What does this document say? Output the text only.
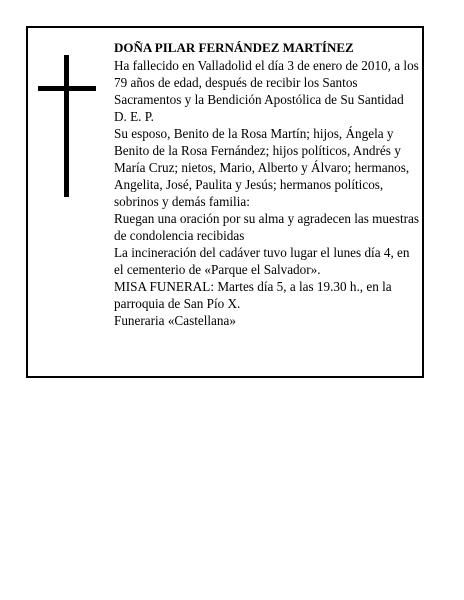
DOÑA PILAR FERNÁNDEZ MARTÍNEZ

Ha fallecido en Valladolid el día 3 de enero de 2010, a los 79 años de edad, después de recibir los Santos Sacramentos y la Bendición Apostólica de Su Santidad

D. E. P.

Su esposo, Benito de la Rosa Martín; hijos, Ángela y Benito de la Rosa Fernández; hijos políticos, Andrés y María Cruz; nietos, Mario, Alberto y Álvaro; hermanos, Angelita, José, Paulita y Jesús; hermanos políticos, sobrinos y demás familia:

Ruegan una oración por su alma y agradecen las muestras de condolencia recibidas

La incineración del cadáver tuvo lugar el lunes día 4, en el cementerio de «Parque el Salvador».

MISA FUNERAL: Martes día 5, a las 19.30 h., en la parroquia de San Pío X.

Funeraria «Castellana»
